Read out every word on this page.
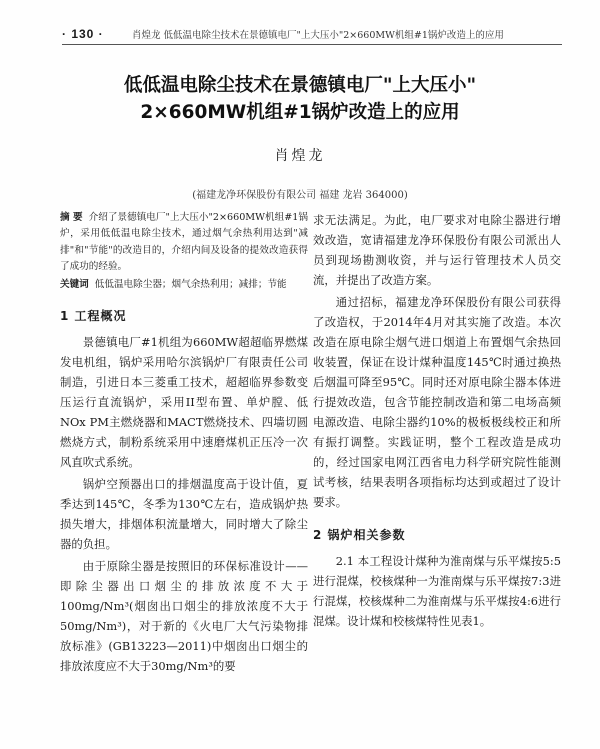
· 130 ·	肖煌龙 低低温电除尘技术在景德镇电厂"上大压小"2×660MW机组#1锅炉改造上的应用
低低温电除尘技术在景德镇电厂"上大压小"
2×660MW机组#1锅炉改造上的应用
肖煌龙
(福建龙净环保股份有限公司 福建 龙岩 364000)
摘 要 介绍了景德镇电厂"上大压小"2×660MW机组#1锅炉，采用低低温电除尘技术，通过烟气余热利用达到"减排"和"节能"的改造目的，介绍内间及设备的提效改造获得了成功的经验。
关键词 低低温电除尘器；烟气余热利用；减排；节能
1 工程概况

景德镇电厂#1机组为660MW超超临界燃煤发电机组，锅炉采用哈尔滨锅炉厂有限责任公司制造，引进日本三菱重工技术，超超临界参数变压运行直流锅炉，采用II型布置、单炉膛、低NOx PM主燃烧器和MACT燃烧技术、四墙切圆燃烧方式，制粉系统采用中速磨煤机正压冷一次风直吹式系统。

锅炉空预器出口的排烟温度高于设计值，夏季达到145℃，冬季为130℃左右，造成锅炉热损失增大，排烟体积流量增大，同时增大了除尘器的负担。

由于原除尘器是按照旧的环保标准设计——即除尘器出口烟尘的排放浓度不大于100mg/Nm³(烟囱出口烟尘的排放浓度不大于50mg/Nm³)，对于新的《火电厂大气污染物排放标准》(GB13223—2011)中烟囱出口烟尘的排放浓度应不大于30mg/Nm³的要

求无法满足。为此，电厂要求对电除尘器进行增效改造，宽请福建龙净环保股份有限公司派出人员到现场勘测收资，并与运行管理技术人员交流，并提出了改造方案。

通过招标，福建龙净环保股份有限公司获得了改造权，于2014年4月对其实施了改造。本次改造在原电除尘烟气进口烟道上布置烟气余热回收装置，保证在设计煤种温度145℃时通过换热后烟温可降至95℃。同时还对原电除尘器本体进行提效改造，包含节能控制改造和第二电场高频电源改造、电除尘器约10%的极板极线校正和所有振打调整。实践证明，整个工程改造是成功的，经过国家电网江西省电力科学研究院性能测试考核，结果表明各项指标均达到或超过了设计要求。

2 锅炉相关参数

2.1 本工程设计煤种为淮南煤与乐平煤按5:5进行混煤，校核煤种一为淮南煤与乐平煤按7:3进行混煤，校核煤种二为淮南煤与乐平煤按4:6进行混煤。设计煤和校核煤特性见表1。
